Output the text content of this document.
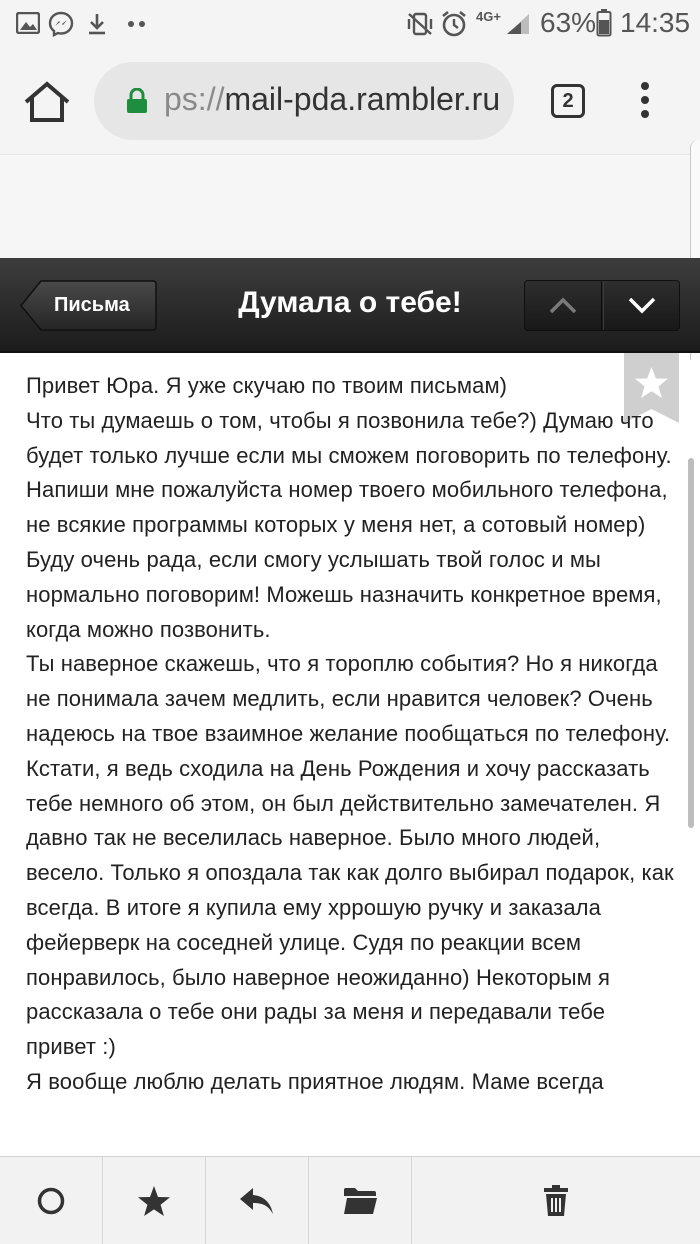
4G+ 63% 14:35
ps://mail-pda.rambler.ru	2
Письма	Думала о тебе!
Привет Юра. Я уже скучаю по твоим письмам)
Что ты думаешь о том, чтобы я позвонила тебе?) Думаю что будет только лучше если мы сможем поговорить по телефону. Напиши мне пожалуйста номер твоего мобильного телефона, не всякие программы которых у меня нет, а сотовый номер) Буду очень рада, если смогу услышать твой голос и мы нормально поговорим! Можешь назначить конкретное время, когда можно позвонить.
Ты наверное скажешь, что я тороплю события? Но я никогда не понимала зачем медлить, если нравится человек? Очень надеюсь на твое взаимное желание пообщаться по телефону.
Кстати, я ведь сходила на День Рождения и хочу рассказать тебе немного об этом, он был действительно замечателен. Я давно так не веселилась наверное. Было много людей, весело. Только я опоздала так как долго выбирал подарок, как всегда. В итоге я купила ему хррошую ручку и заказала фейерверк на соседней улице. Судя по реакции всем понравилось, было наверное неожиданно) Некоторым я рассказала о тебе они рады за меня и передавали тебе привет :)
Я вообще люблю делать приятное людям. Маме всегда
